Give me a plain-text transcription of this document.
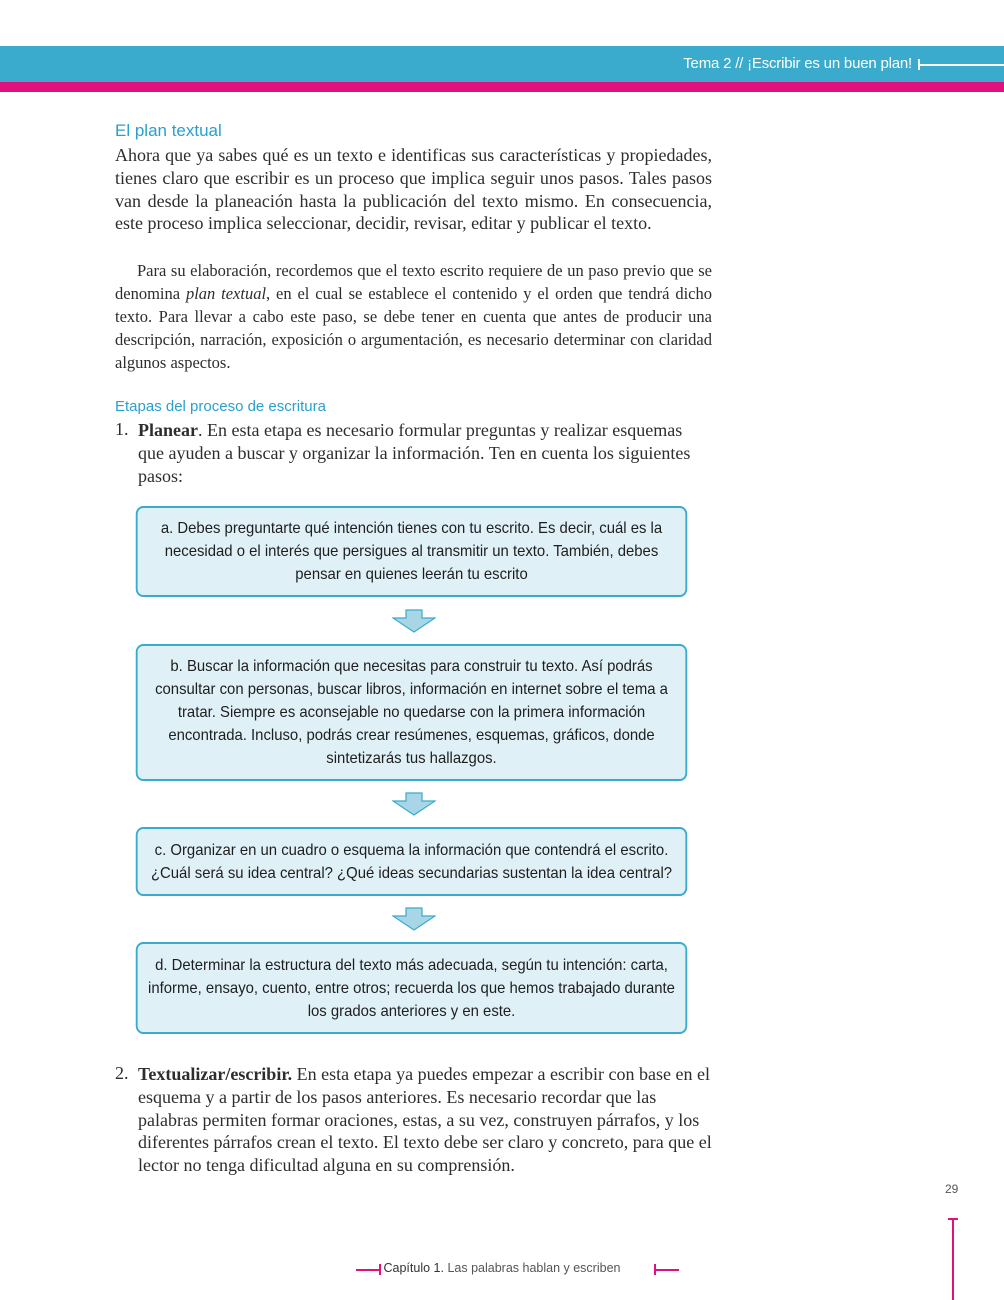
Tema 2 // ¡Escribir es un buen plan!
El plan textual

Ahora que ya sabes qué es un texto e identificas sus características y propiedades, tienes claro que escribir es un proceso que implica seguir unos pasos. Tales pasos van desde la planeación hasta la publicación del texto mismo. En consecuencia, este proceso implica seleccionar, decidir, revisar, editar y publicar el texto.

Para su elaboración, recordemos que el texto escrito requiere de un paso previo que se denomina plan textual, en el cual se establece el contenido y el orden que tendrá dicho texto. Para llevar a cabo este paso, se debe tener en cuenta que antes de producir una descripción, narración, exposición o argumentación, es necesario determinar con claridad algunos aspectos.

Etapas del proceso de escritura
1. Planear. En esta etapa es necesario formular preguntas y realizar esquemas que ayuden a buscar y organizar la información. Ten en cuenta los siguientes pasos:

a. Debes preguntarte qué intención tienes con tu escrito. Es decir, cuál es la necesidad o el interés que persigues al transmitir un texto. También, debes pensar en quienes leerán tu escrito
b. Buscar la información que necesitas para construir tu texto. Así podrás consultar con personas, buscar libros, información en internet sobre el tema a tratar. Siempre es aconsejable no quedarse con la primera información encontrada. Incluso, podrás crear resúmenes, esquemas, gráficos, donde sintetizarás tus hallazgos.
c. Organizar en un cuadro o esquema la información que contendrá el escrito. ¿Cuál será su idea central? ¿Qué ideas secundarias sustentan la idea central?
d. Determinar la estructura del texto más adecuada, según tu intención: carta, informe, ensayo, cuento, entre otros; recuerda los que hemos trabajado durante los grados anteriores y en este.
2. Textualizar/escribir. En esta etapa ya puedes empezar a escribir con base en el esquema y a partir de los pasos anteriores. Es necesario recordar que las palabras permiten formar oraciones, estas, a su vez, construyen párrafos, y los diferentes párrafos crean el texto. El texto debe ser claro y concreto, para que el lector no tenga dificultad alguna en su comprensión.

29
Capítulo 1. Las palabras hablan y escriben
